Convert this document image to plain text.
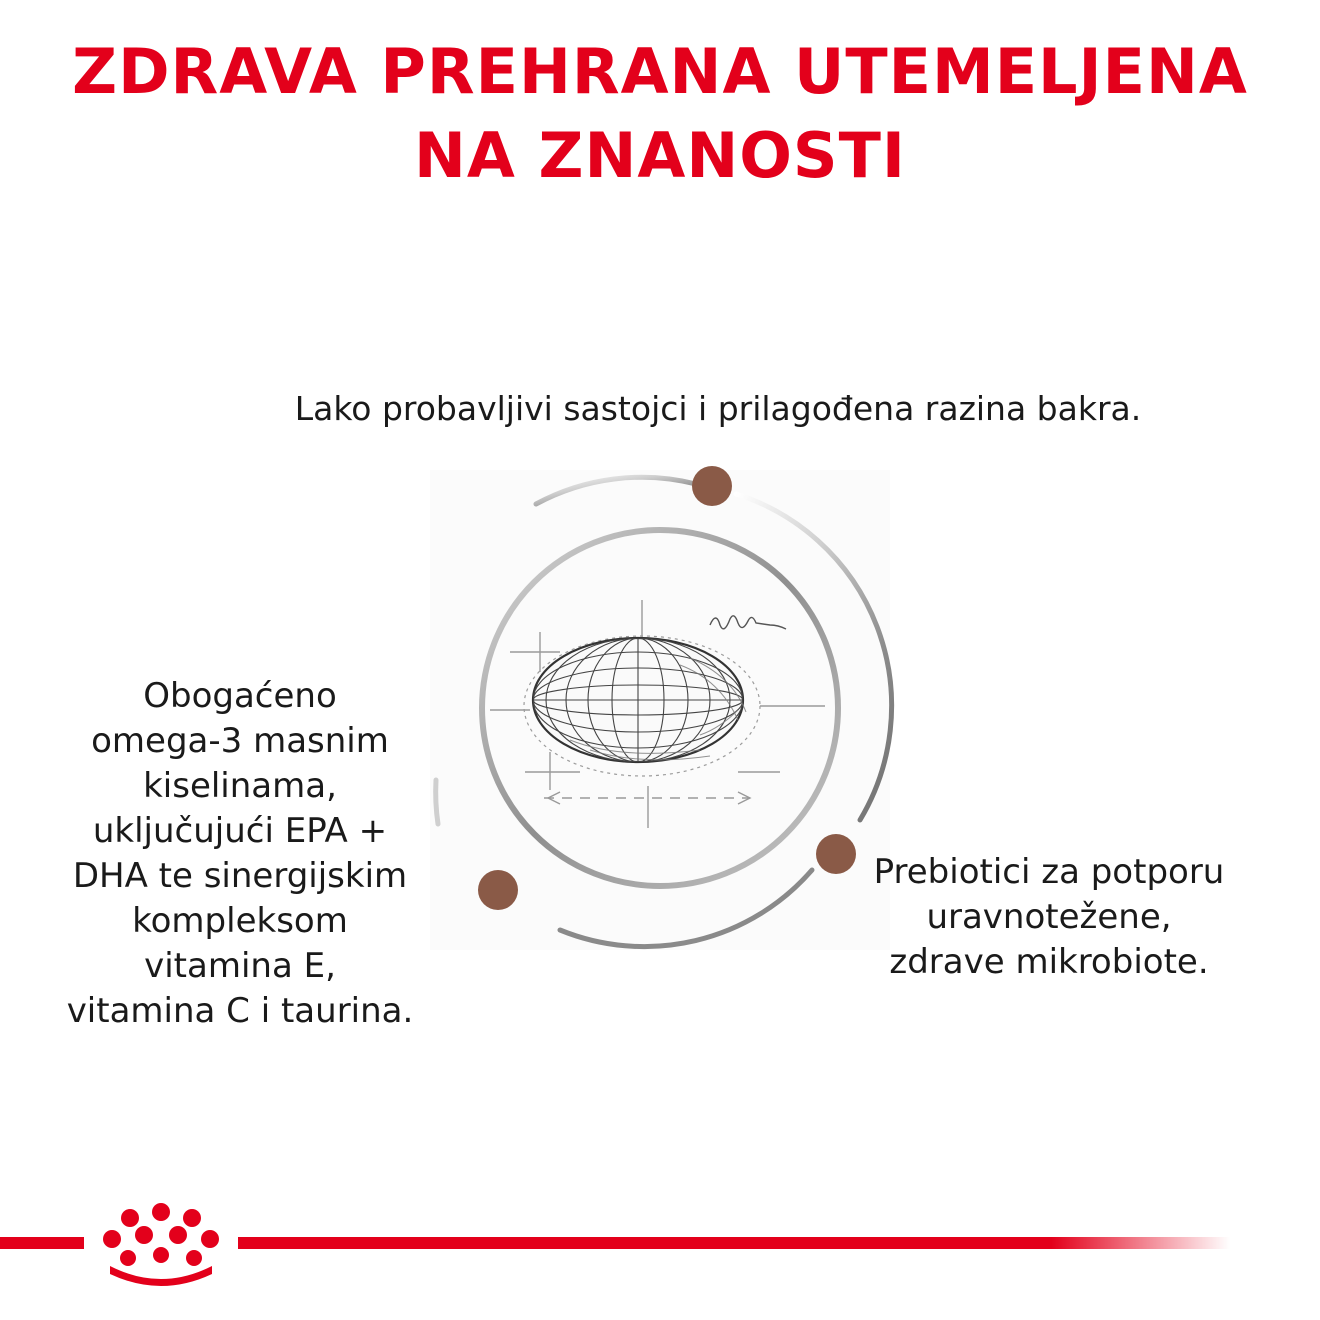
ZDRAVA PREHRANA UTEMELJENA
NA ZNANOSTI

Lako probavljivi sastojci i prilagođena razina bakra.

Obogaćeno
omega-3 masnim
kiselinama,
uključujući EPA +
DHA te sinergijskim
kompleksom
vitamina E,
vitamina C i taurina.

Prebiotici za potporu
uravnotežene,
zdrave mikrobiote.
